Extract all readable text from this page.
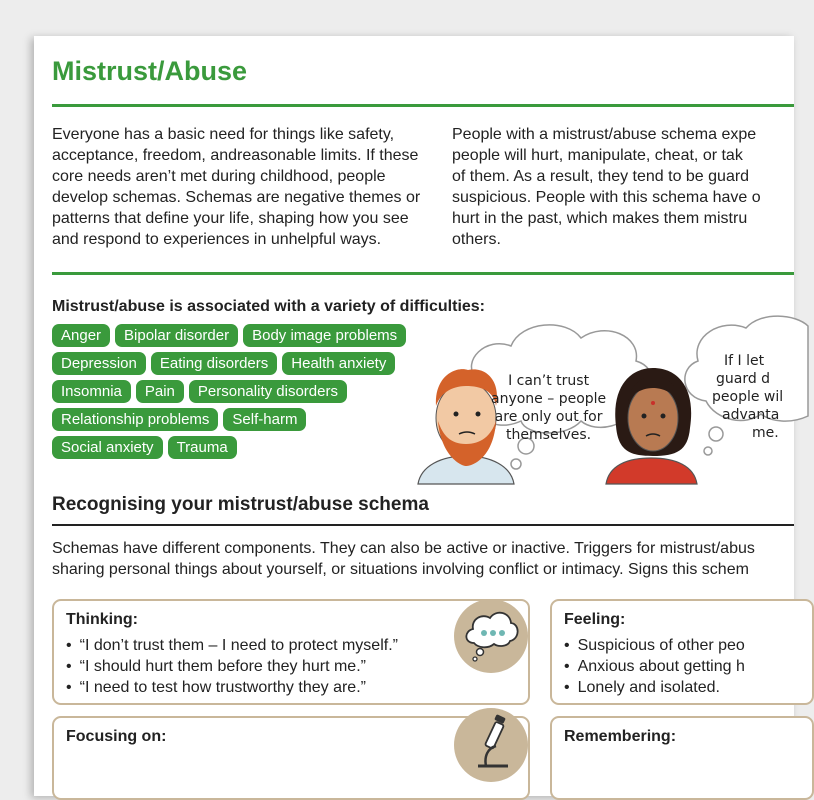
Mistrust/Abuse

Everyone has a basic need for things like safety,
acceptance, freedom, andreasonable limits. If these
core needs aren’t met during childhood, people
develop schemas. Schemas are negative themes or
patterns that define your life, shaping how you see
and respond to experiences in unhelpful ways.

People with a mistrust/abuse schema expe
people will hurt, manipulate, cheat, or tak
of them. As a result, they tend to be guard
suspicious. People with this schema have o
hurt in the past, which makes them mistru
others.

Mistrust/abuse is associated with a variety of difficulties:
Anger	Bipolar disorder	Body image problems
Depression	Eating disorders	Health anxiety
Insomnia	Pain	Personality disorders
Relationship problems	Self-harm
Social anxiety	Trauma
I can’t trust
anyone – people
are only out for
themselves.
If I let
guard d
people wil
advanta
me.
Recognising your mistrust/abuse schema

Schemas have different components. They can also be active or inactive. Triggers for mistrust/abus
sharing personal things about yourself, or situations involving conflict or intimacy. Signs this schem

Thinking:
• “I don’t trust them – I need to protect myself.”
• “I should hurt them before they hurt me.”
• “I need to test how trustworthy they are.”
Feeling:
• Suspicious of other peo
• Anxious about getting h
• Lonely and isolated.
Focusing on:	Remembering:
